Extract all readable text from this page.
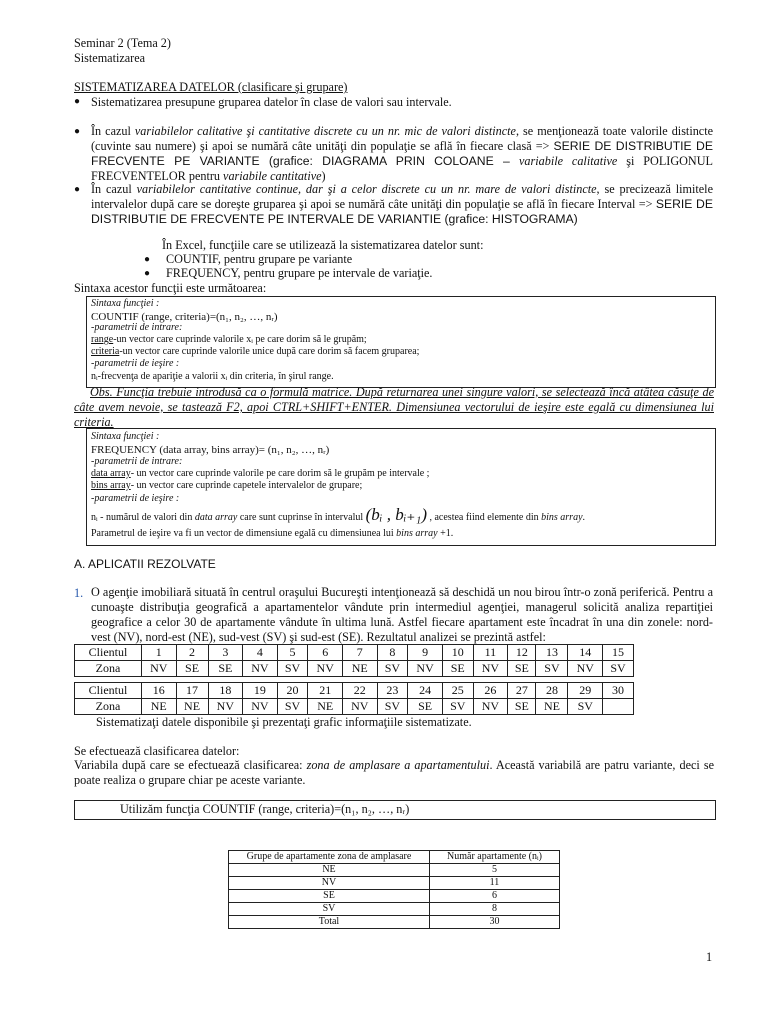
Seminar 2 (Tema 2)
Sistematizarea
SISTEMATIZAREA DATELOR (clasificare şi grupare)
● Sistematizarea presupune gruparea datelor în clase de valori sau intervale.
● În cazul variabilelor calitative şi cantitative discrete cu un nr. mic de valori distincte, se menţionează toate valorile distincte (cuvinte sau numere) şi apoi se numără câte unităţi din populaţie se află în fiecare clasă => SERIE DE DISTRIBUTIE DE FRECVENTE PE VARIANTE (grafice: DIAGRAMA PRIN COLOANE – variabile calitative şi POLIGONUL FRECVENTELOR pentru variabile cantitative)
● În cazul variabilelor cantitative continue, dar şi a celor discrete cu un nr. mare de valori distincte, se precizează limitele intervalelor după care se doreşte gruparea şi apoi se numără câte unităţi din populaţie se află în fiecare Interval => SERIE DE DISTRIBUTIE DE FRECVENTE PE INTERVALE DE VARIANTIE (grafice: HISTOGRAMA)
În Excel, funcţiile care se utilizează la sistematizarea datelor sunt:
● COUNTIF, pentru grupare pe variante
● FREQUENCY, pentru grupare pe intervale de variaţie.
Sintaxa acestor funcţii este următoarea:
Sintaxa funcţiei :
COUNTIF (range, criteria)=(n₁, n₂, …, nᵣ)
-parametrii de intrare:
range-un vector care cuprinde valorile xᵢ pe care dorim să le grupăm;
criteria-un vector care cuprinde valorile unice după care dorim să facem gruparea;
-parametrii de ieşire :
nᵢ-frecvenţa de apariţie a valorii xᵢ din criteria, în şirul range.
Obs. Funcţia trebuie introdusă ca o formulă matrice. După returnarea unei singure valori, se selectează încă atâtea căsuţe de câte avem nevoie, se tastează F2, apoi CTRL+SHIFT+ENTER. Dimensiunea vectorului de ieşire este egală cu dimensiunea lui criteria.
Sintaxa funcţiei :
FREQUENCY (data array, bins array)= (n₁, n₂, …, nᵣ)
-parametrii de intrare:
data array- un vector care cuprinde valorile pe care dorim să le grupăm pe intervale ;
bins array- un vector care cuprinde capetele intervalelor de grupare;
-parametrii de ieşire :
nᵢ - numărul de valori din data array care sunt cuprinse în intervalul (bᵢ , bᵢ₊₁) , acestea fiind elemente din bins array.
Parametrul de ieşire va fi un vector de dimensiune egală cu dimensiunea lui bins array +1.
A. APLICATII REZOLVATE
1. O agenţie imobiliară situată în centrul oraşului Bucureşti intenţionează să deschidă un nou birou într-o zonă periferică. Pentru a cunoaşte distribuţia geografică a apartamentelor vândute prin intermediul agenţiei, managerul solicită analiza repartiţiei geografice a celor 30 de apartamente vândute în ultima lună. Astfel fiecare apartament este încadrat în una din zonele: nord-vest (NV), nord-est (NE), sud-vest (SV) şi sud-est (SE). Rezultatul analizei se prezintă astfel:
Clientul	1	2	3	4	5	6	7	8	9	10	11	12	13	14	15
Zona	NV	SE	SE	NV	SV	NV	NE	SV	NV	SE	NV	SE	SV	NV	SV

Clientul	16	17	18	19	20	21	22	23	24	25	26	27	28	29	30
Zona	NE	NE	NV	NV	SV	NE	NV	SV	SE	SV	NV	SE	NE	SV	
Sistematizaţi datele disponibile şi prezentaţi grafic informaţiile sistematizate.
Se efectuează clasificarea datelor:
Variabila după care se efectuează clasificarea: zona de amplasare a apartamentului. Această variabilă are patru variante, deci se poate realiza o grupare chiar pe aceste variante.
Utilizăm funcţia COUNTIF (range, criteria)=(n₁, n₂, …, nᵣ)
Grupe de apartamente zona de amplasare	Număr apartamente (nᵢ)
NE	5
NV	11
SE	6
SV	8
Total	30
1
